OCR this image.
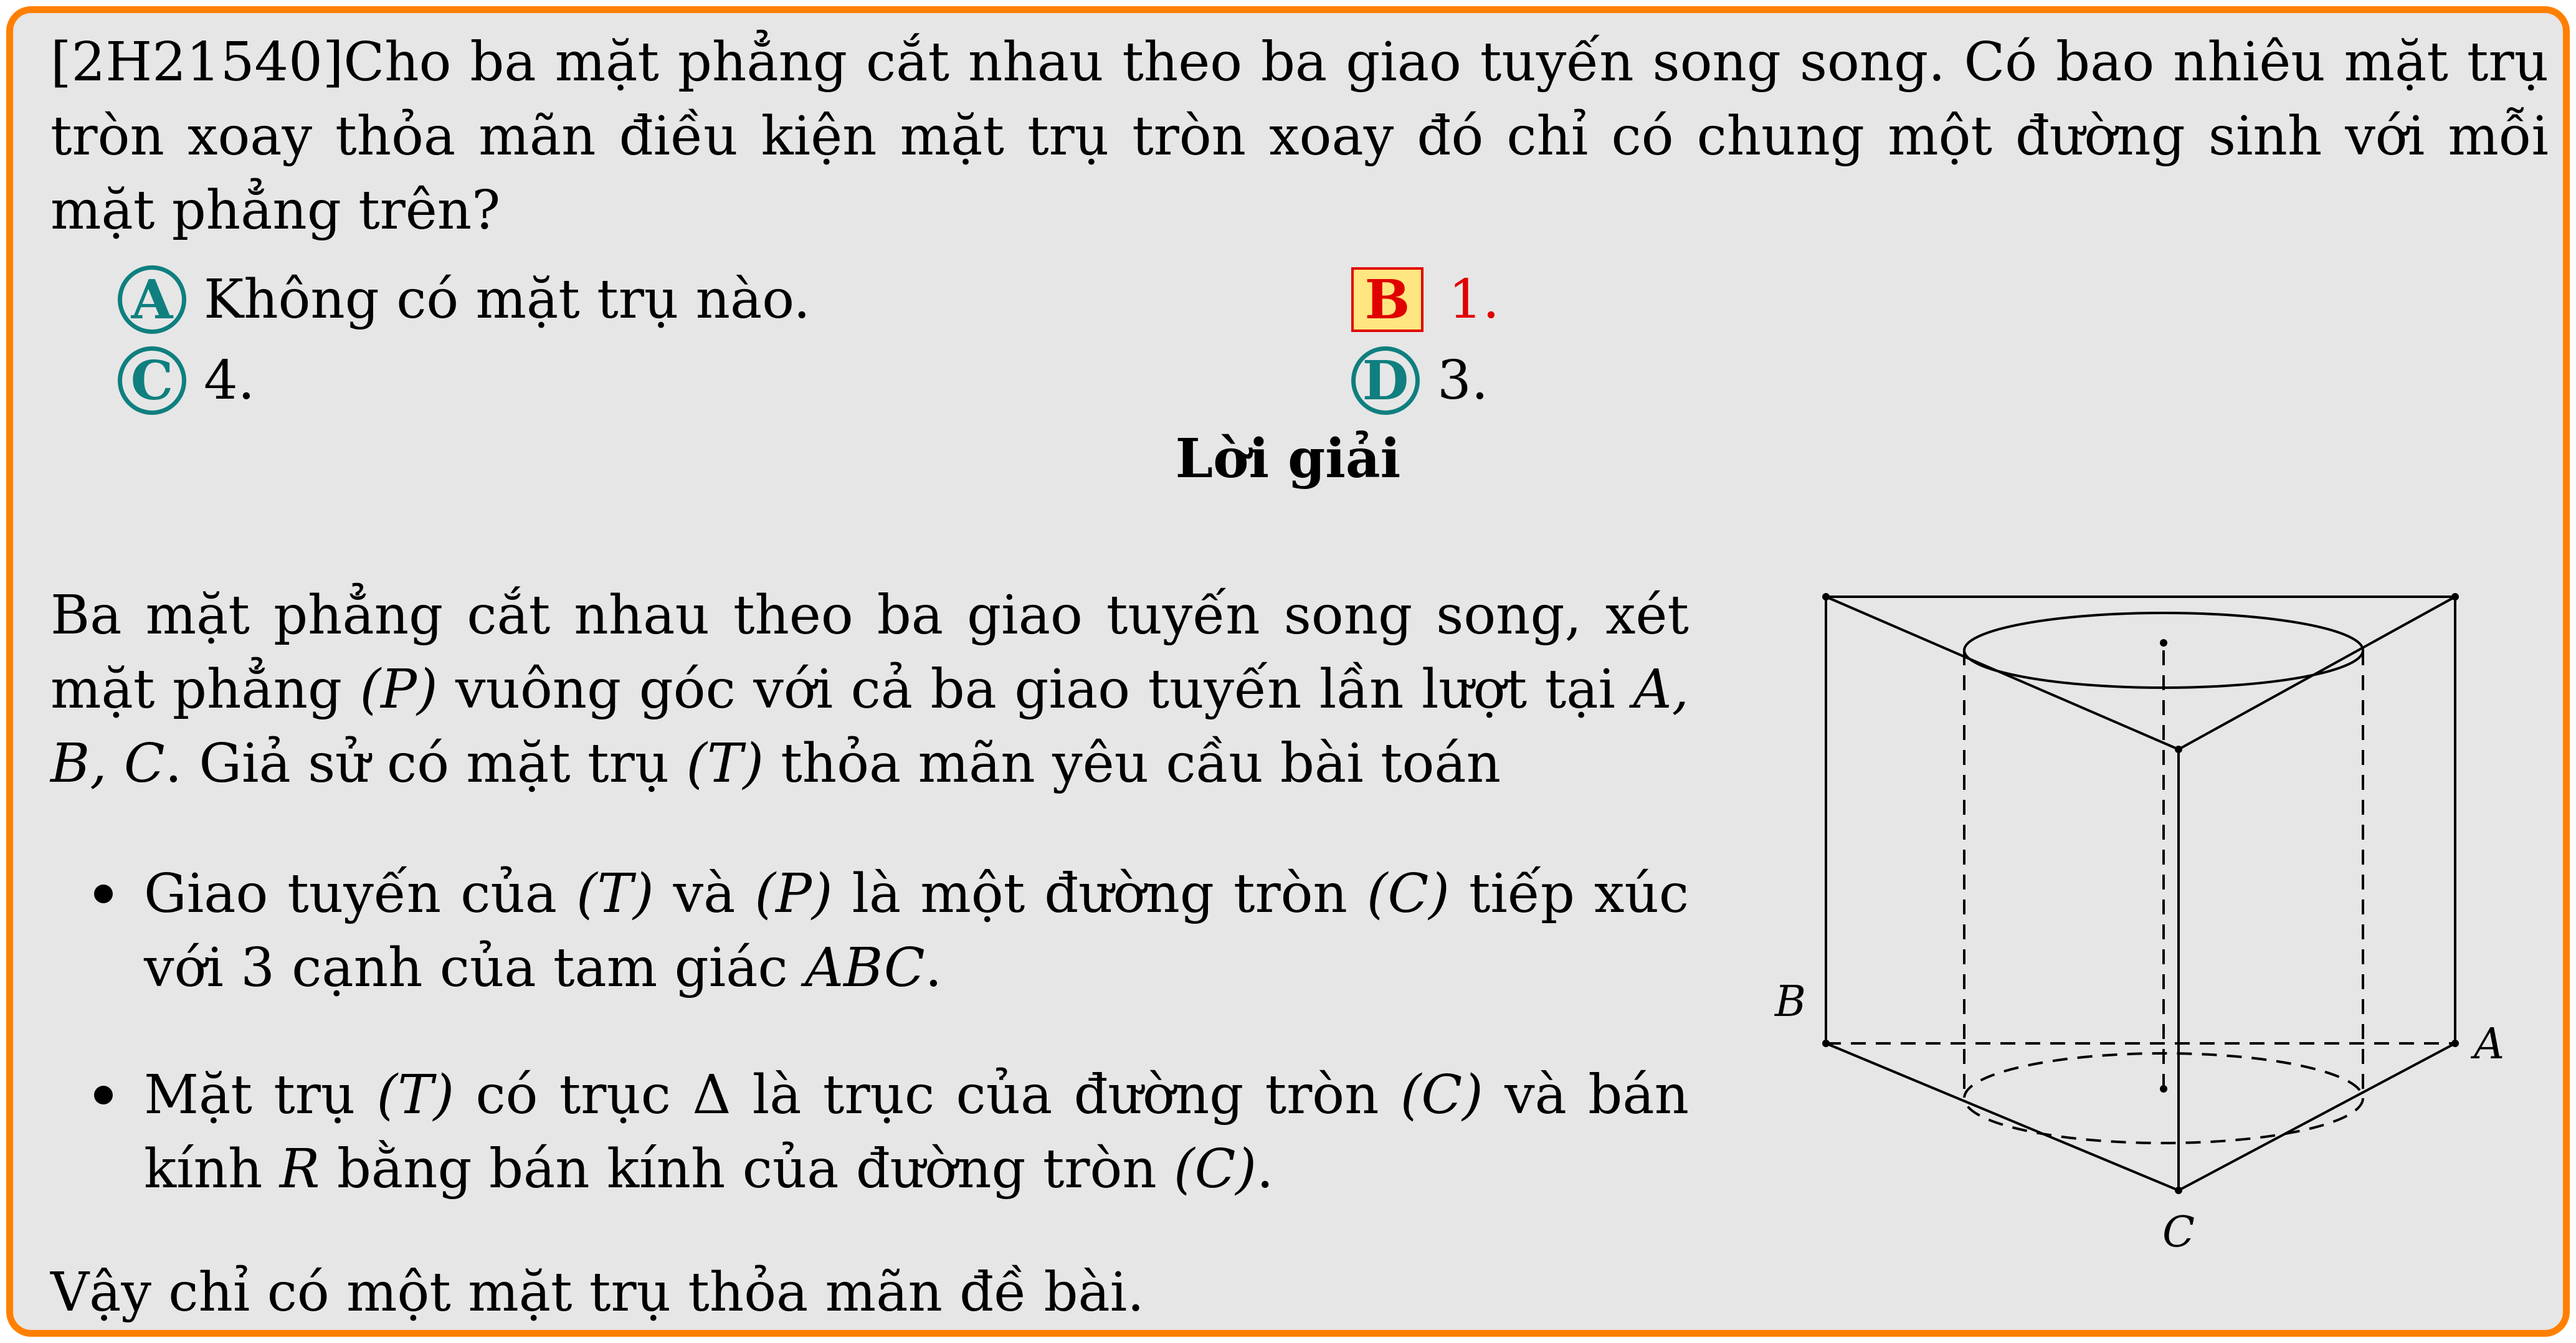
[2H21540]Cho ba mặt phẳng cắt nhau theo ba giao tuyến song song. Có bao nhiêu mặt trụ tròn xoay thỏa mãn điều kiện mặt trụ tròn xoay đó chỉ có chung một đường sinh với mỗi mặt phẳng trên?
A Không có mặt trụ nào.	B 1.
C 4.	D 3.
Lời giải
Ba mặt phẳng cắt nhau theo ba giao tuyến song song, xét mặt phẳng (P) vuông góc với cả ba giao tuyến lần lượt tại A, B, C. Giả sử có mặt trụ (T) thỏa mãn yêu cầu bài toán
Giao tuyến của (T) và (P) là một đường tròn (C) tiếp xúc với 3 cạnh của tam giác ABC.
Mặt trụ (T) có trục Δ là trục của đường tròn (C) và bán kính R bằng bán kính của đường tròn (C).
Vậy chỉ có một mặt trụ thỏa mãn đề bài.
B
A
C
